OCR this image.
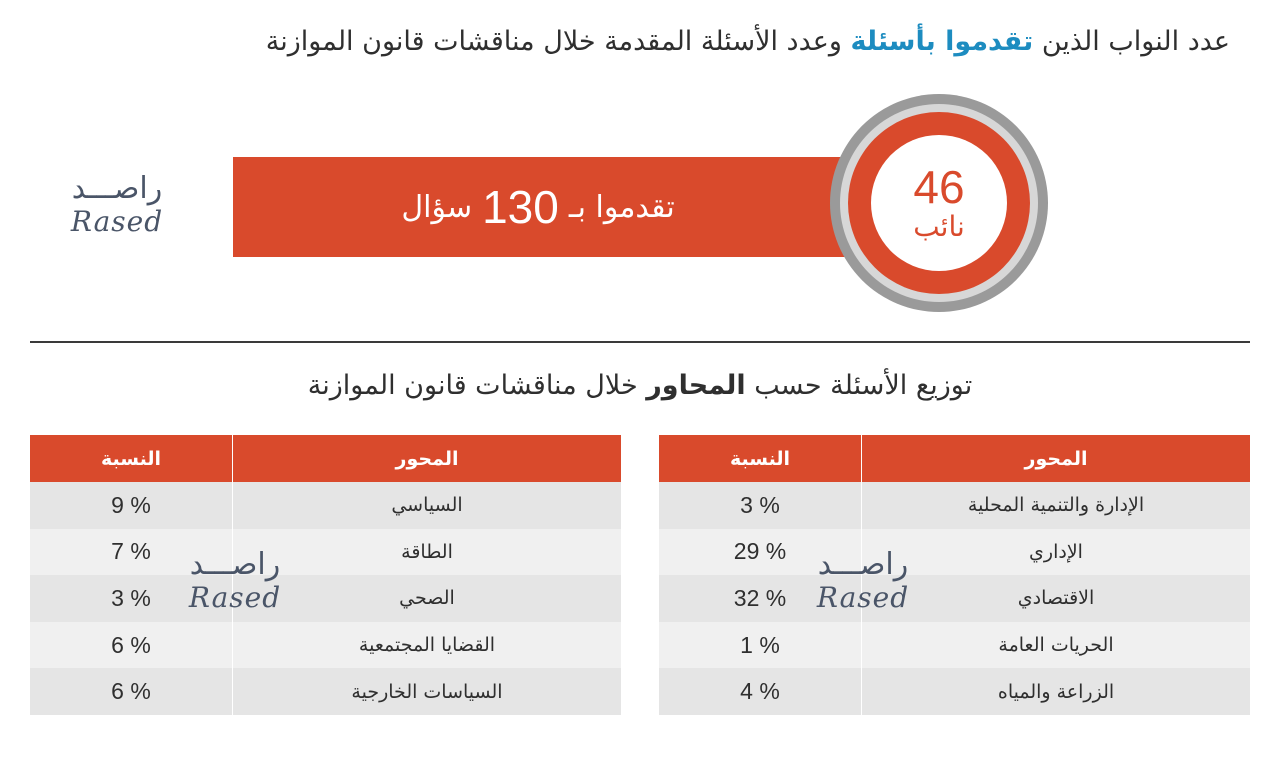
عدد النواب الذين تقدموا بأسئلة وعدد الأسئلة المقدمة خلال مناقشات قانون الموازنة
راصـــد
Rased	تقدموا بـ
130
سؤال	46
نائب
توزيع الأسئلة حسب المحاور خلال مناقشات قانون الموازنة
المحور	النسبة
الإدارة والتنمية المحلية	3 %
الإداري	29 %
الاقتصادي	32 %
الحريات العامة	1 %
الزراعة والمياه	4 %
المحور	النسبة
السياسي	9 %
الطاقة	7 %
الصحي	3 %
القضايا المجتمعية	6 %
السياسات الخارجية	6 %
راصـــد
Rased
راصـــد
Rased
